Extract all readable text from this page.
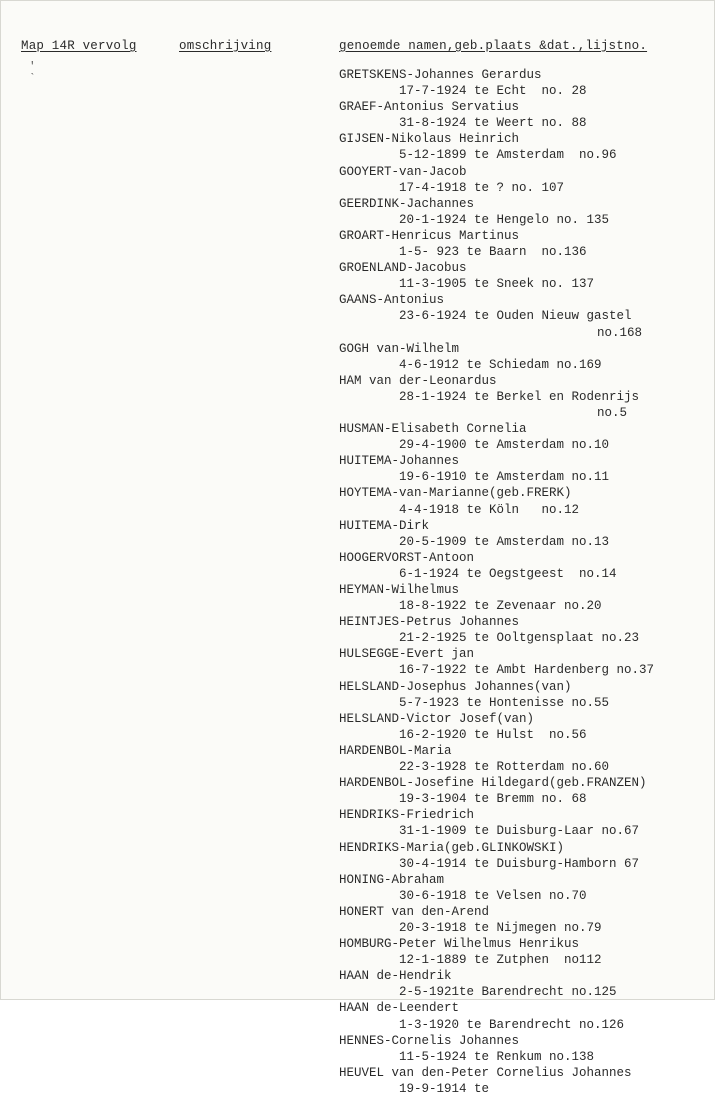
Map 14R vervolg	omschrijving	genoemde namen,geb.plaats &dat.,lijstno.
'
`	GRETSKENS-Johannes Gerardus
17-7-1924 te Echt  no. 28
GRAEF-Antonius Servatius
31-8-1924 te Weert no. 88
GIJSEN-Nikolaus Heinrich
5-12-1899 te Amsterdam  no.96
GOOYERT-van-Jacob
17-4-1918 te ? no. 107
GEERDINK-Jachannes
20-1-1924 te Hengelo no. 135
GROART-Henricus Martinus
1-5- 923 te Baarn  no.136
GROENLAND-Jacobus
11-3-1905 te Sneek no. 137
GAANS-Antonius
23-6-1924 te Ouden Nieuw gastel
no.168
GOGH van-Wilhelm
4-6-1912 te Schiedam no.169
HAM van der-Leonardus
28-1-1924 te Berkel en Rodenrijs
no.5
HUSMAN-Elisabeth Cornelia
29-4-1900 te Amsterdam no.10
HUITEMA-Johannes
19-6-1910 te Amsterdam no.11
HOYTEMA-van-Marianne(geb.FRERK)
4-4-1918 te Köln   no.12
HUITEMA-Dirk
20-5-1909 te Amsterdam no.13
HOOGERVORST-Antoon
6-1-1924 te Oegstgeest  no.14
HEYMAN-Wilhelmus
18-8-1922 te Zevenaar no.20
HEINTJES-Petrus Johannes
21-2-1925 te Ooltgensplaat no.23
HULSEGGE-Evert jan
16-7-1922 te Ambt Hardenberg no.37
HELSLAND-Josephus Johannes(van)
5-7-1923 te Hontenisse no.55
HELSLAND-Victor Josef(van)
16-2-1920 te Hulst  no.56
HARDENBOL-Maria
22-3-1928 te Rotterdam no.60
HARDENBOL-Josefine Hildegard(geb.FRANZEN)
19-3-1904 te Bremm no. 68
HENDRIKS-Friedrich
31-1-1909 te Duisburg-Laar no.67
HENDRIKS-Maria(geb.GLINKOWSKI)
30-4-1914 te Duisburg-Hamborn 67
HONING-Abraham
30-6-1918 te Velsen no.70
HONERT van den-Arend
20-3-1918 te Nijmegen no.79
HOMBURG-Peter Wilhelmus Henrikus
12-1-1889 te Zutphen  no112
HAAN de-Hendrik
2-5-1921te Barendrecht no.125
HAAN de-Leendert
1-3-1920 te Barendrecht no.126
HENNES-Cornelis Johannes
11-5-1924 te Renkum no.138
HEUVEL van den-Peter Cornelius Johannes
19-9-1914 te
